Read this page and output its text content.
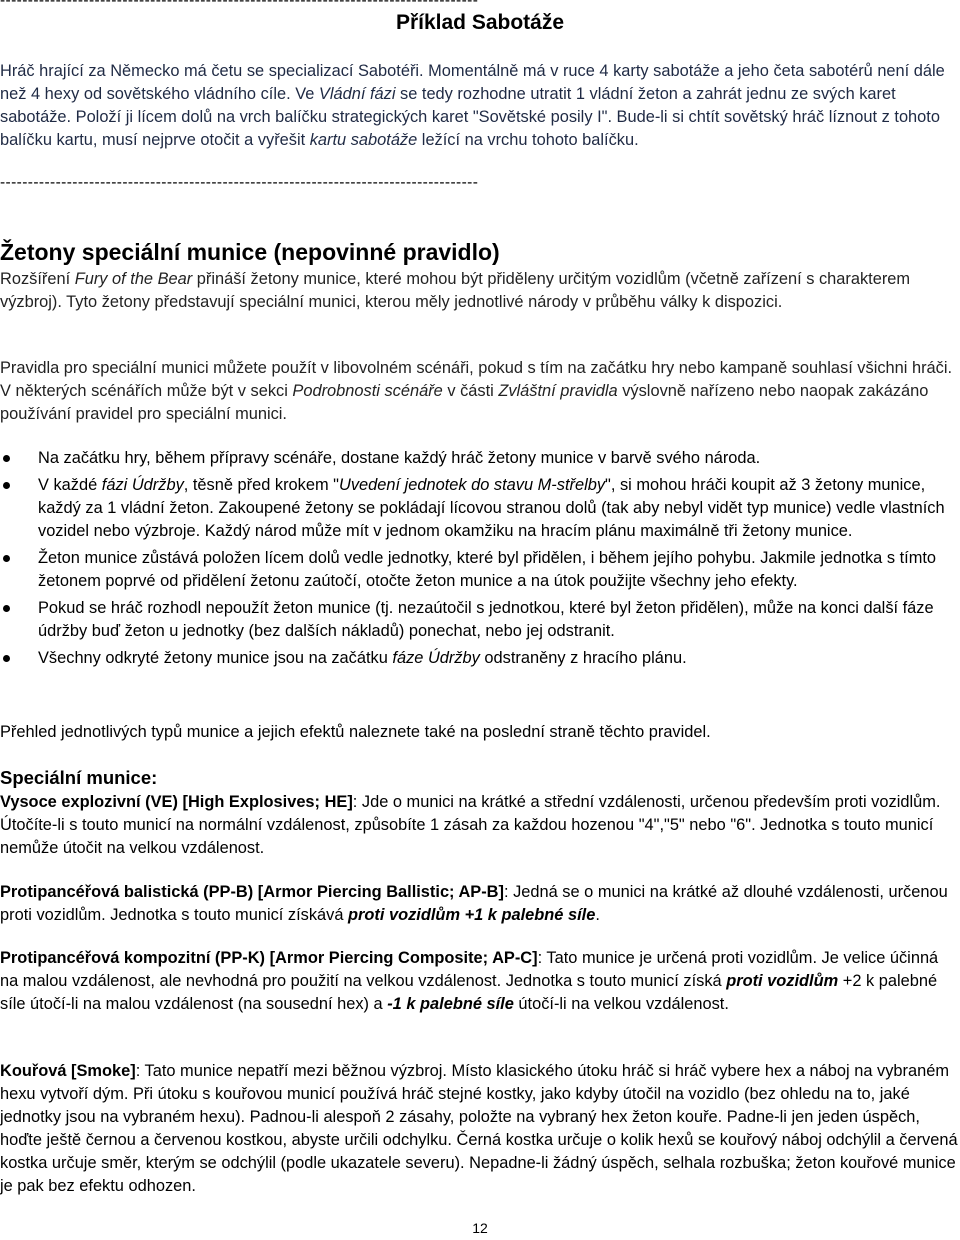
--------------------------------------------------------------------------------------
Příklad Sabotáže

Hráč hrající za Německo má četu se specializací Sabotéři. Momentálně má v ruce 4 karty sabotáže a jeho četa sabotérů není dále než 4 hexy od sovětského vládního cíle. Ve Vládní fázi se tedy rozhodne utratit 1 vládní žeton a zahrát jednu ze svých karet sabotáže. Položí ji lícem dolů na vrch balíčku strategických karet "Sovětské posily I". Bude-li si chtít sovětský hráč líznout z tohoto balíčku kartu, musí nejprve otočit a vyřešit kartu sabotáže ležící na vrchu tohoto balíčku.

--------------------------------------------------------------------------------------
Žetony speciální munice (nepovinné pravidlo)

Rozšíření Fury of the Bear přináší žetony munice, které mohou být přiděleny určitým vozidlům (včetně zařízení s charakterem výzbroj). Tyto žetony představují speciální munici, kterou měly jednotlivé národy v průběhu války k dispozici.

Pravidla pro speciální munici můžete použít v libovolném scénáři, pokud s tím na začátku hry nebo kampaně souhlasí všichni hráči. V některých scénářích může být v sekci Podrobnosti scénáře v části Zvláštní pravidla výslovně nařízeno nebo naopak zakázáno používání pravidel pro speciální munici.

Na začátku hry, během přípravy scénáře, dostane každý hráč žetony munice v barvě svého národa.
V každé fázi Údržby, těsně před krokem "Uvedení jednotek do stavu M-střelby", si mohou hráči koupit až 3 žetony munice, každý za 1 vládní žeton. Zakoupené žetony se pokládají lícovou stranou dolů (tak aby nebyl vidět typ munice) vedle vlastních vozidel nebo výzbroje. Každý národ může mít v jednom okamžiku na hracím plánu maximálně tři žetony munice.
Žeton munice zůstává položen lícem dolů vedle jednotky, které byl přidělen, i během jejího pohybu. Jakmile jednotka s tímto žetonem poprvé od přidělení žetonu zaútočí, otočte žeton munice a na útok použijte všechny jeho efekty.
Pokud se hráč rozhodl nepoužít žeton munice (tj. nezaútočil s jednotkou, které byl žeton přidělen), může na konci další fáze údržby buď žeton u jednotky (bez dalších nákladů) ponechat, nebo jej odstranit.
Všechny odkryté žetony munice jsou na začátku fáze Údržby odstraněny z hracího plánu.

Přehled jednotlivých typů munice a jejich efektů naleznete také na poslední straně těchto pravidel.

Speciální munice:

Vysoce explozivní (VE) [High Explosives; HE]: Jde o munici na krátké a střední vzdálenosti, určenou především proti vozidlům. Útočíte-li s touto municí na normální vzdálenost, způsobíte 1 zásah za každou hozenou "4","5" nebo "6". Jednotka s touto municí nemůže útočit na velkou vzdálenost.

Protipancéřová balistická (PP-B) [Armor Piercing Ballistic; AP-B]: Jedná se o munici na krátké až dlouhé vzdálenosti, určenou proti vozidlům. Jednotka s touto municí získává proti vozidlům +1 k palebné síle.

Protipancéřová kompozitní (PP-K) [Armor Piercing Composite; AP-C]: Tato munice je určená proti vozidlům. Je velice účinná na malou vzdálenost, ale nevhodná pro použití na velkou vzdálenost. Jednotka s touto municí získá proti vozidlům +2 k palebné síle útočí-li na malou vzdálenost (na sousední hex) a -1 k palebné síle útočí-li na velkou vzdálenost.

Kouřová [Smoke]: Tato munice nepatří mezi běžnou výzbroj. Místo klasického útoku hráč si hráč vybere hex a náboj na vybraném hexu vytvoří dým. Při útoku s kouřovou municí používá hráč stejné kostky, jako kdyby útočil na vozidlo (bez ohledu na to, jaké jednotky jsou na vybraném hexu). Padnou-li alespoň 2 zásahy, položte na vybraný hex žeton kouře. Padne-li jen jeden úspěch, hoďte ještě černou a červenou kostkou, abyste určili odchylku. Černá kostka určuje o kolik hexů se kouřový náboj odchýlil a červená kostka určuje směr, kterým se odchýlil (podle ukazatele severu). Nepadne-li žádný úspěch, selhala rozbuška; žeton kouřové munice je pak bez efektu odhozen.

12
